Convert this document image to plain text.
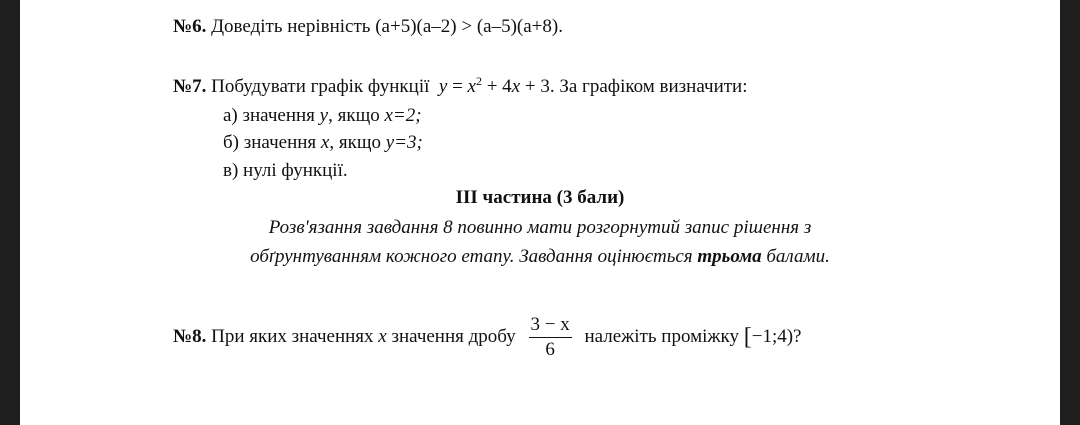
№6. Доведіть нерівність (a+5)(a–2) > (a–5)(a+8).
№7. Побудувати графік функції $y = x^2 + 4x + 3$. За графіком визначити:
а) значення y, якщо x=2;
б) значення x, якщо y=3;
в) нулі функції.
ІІІ частина (3 бали)
Розв'язання завдання 8 повинно мати розгорнутий запис рішення з
обґрунтуванням кожного етапу. Завдання оцінюється трьома балами.
№8. При яких значеннях x значення дробу $\frac{3 - x}{6}$ належіть проміжку [−1;4)?
